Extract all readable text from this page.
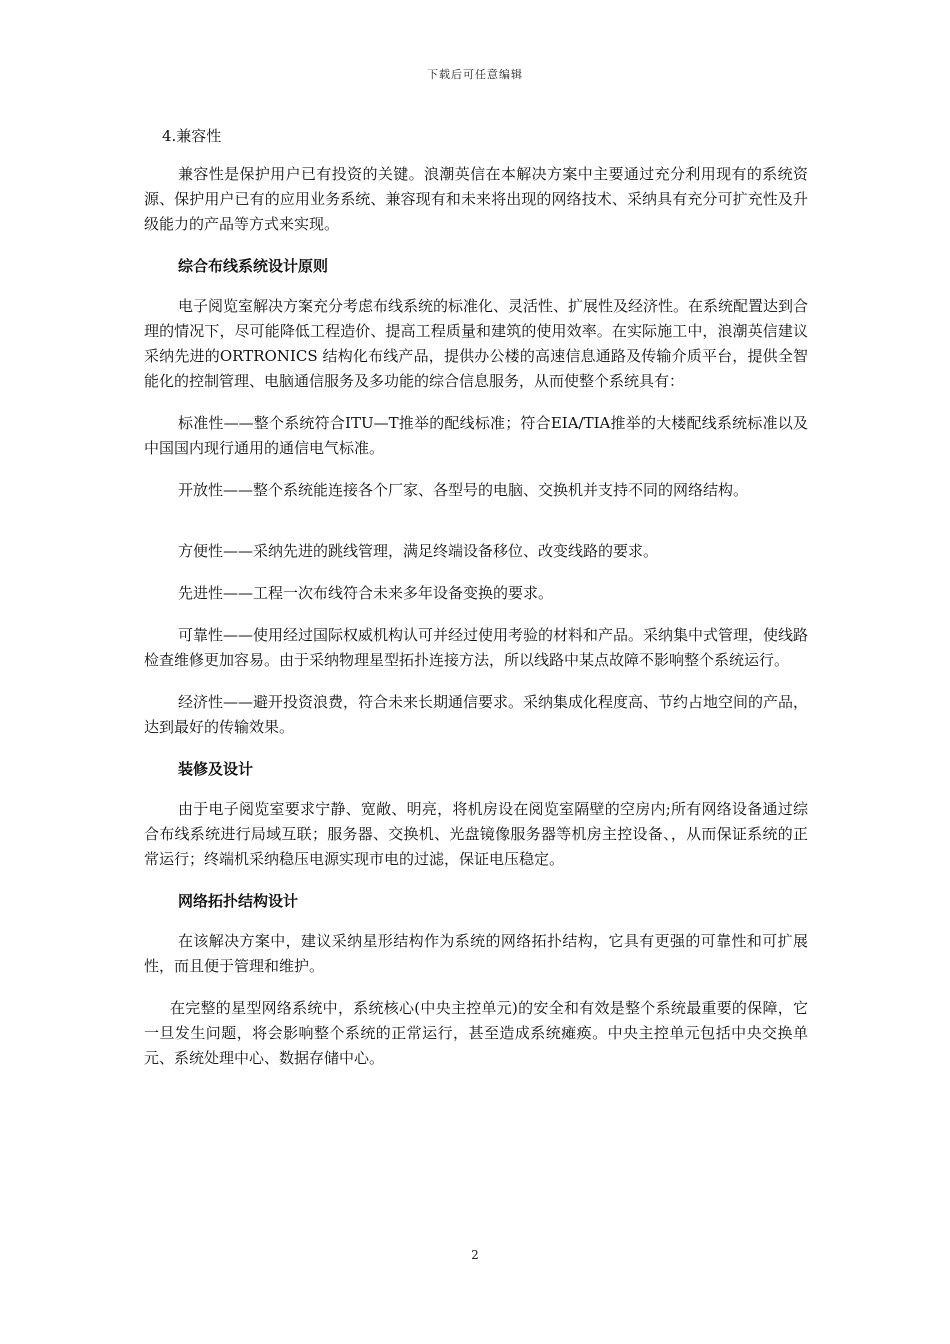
下载后可任意编辑

4.兼容性

兼容性是保护用户已有投资的关键。浪潮英信在本解决方案中主要通过充分利用现有的系统资源、保护用户已有的应用业务系统、兼容现有和未来将出现的网络技术、采纳具有充分可扩充性及升级能力的产品等方式来实现。

综合布线系统设计原则

电子阅览室解决方案充分考虑布线系统的标准化、灵活性、扩展性及经济性。在系统配置达到合理的情况下，尽可能降低工程造价、提高工程质量和建筑的使用效率。在实际施工中，浪潮英信建议采纳先进的ORTRONICS 结构化布线产品，提供办公楼的高速信息通路及传输介质平台，提供全智能化的控制管理、电脑通信服务及多功能的综合信息服务，从而使整个系统具有：

标准性——整个系统符合ITU—T推举的配线标准；符合EIA/TIA推举的大楼配线系统标准以及中国国内现行通用的通信电气标准。

开放性——整个系统能连接各个厂家、各型号的电脑、交换机并支持不同的网络结构。

方便性——采纳先进的跳线管理，满足终端设备移位、改变线路的要求。

先进性——工程一次布线符合未来多年设备变换的要求。

可靠性——使用经过国际权威机构认可并经过使用考验的材料和产品。采纳集中式管理，使线路检查维修更加容易。由于采纳物理星型拓扑连接方法，所以线路中某点故障不影响整个系统运行。

经济性——避开投资浪费，符合未来长期通信要求。采纳集成化程度高、节约占地空间的产品，达到最好的传输效果。

装修及设计

由于电子阅览室要求宁静、宽敞、明亮，将机房设在阅览室隔壁的空房内;所有网络设备通过综合布线系统进行局域互联；服务器、交换机、光盘镜像服务器等机房主控设备、，从而保证系统的正常运行；终端机采纳稳压电源实现市电的过滤，保证电压稳定。

网络拓扑结构设计

在该解决方案中，建议采纳星形结构作为系统的网络拓扑结构，它具有更强的可靠性和可扩展性，而且便于管理和维护。

在完整的星型网络系统中，系统核心(中央主控单元)的安全和有效是整个系统最重要的保障，它一旦发生问题，将会影响整个系统的正常运行，甚至造成系统瘫痪。中央主控单元包括中央交换单元、系统处理中心、数据存储中心。

2
